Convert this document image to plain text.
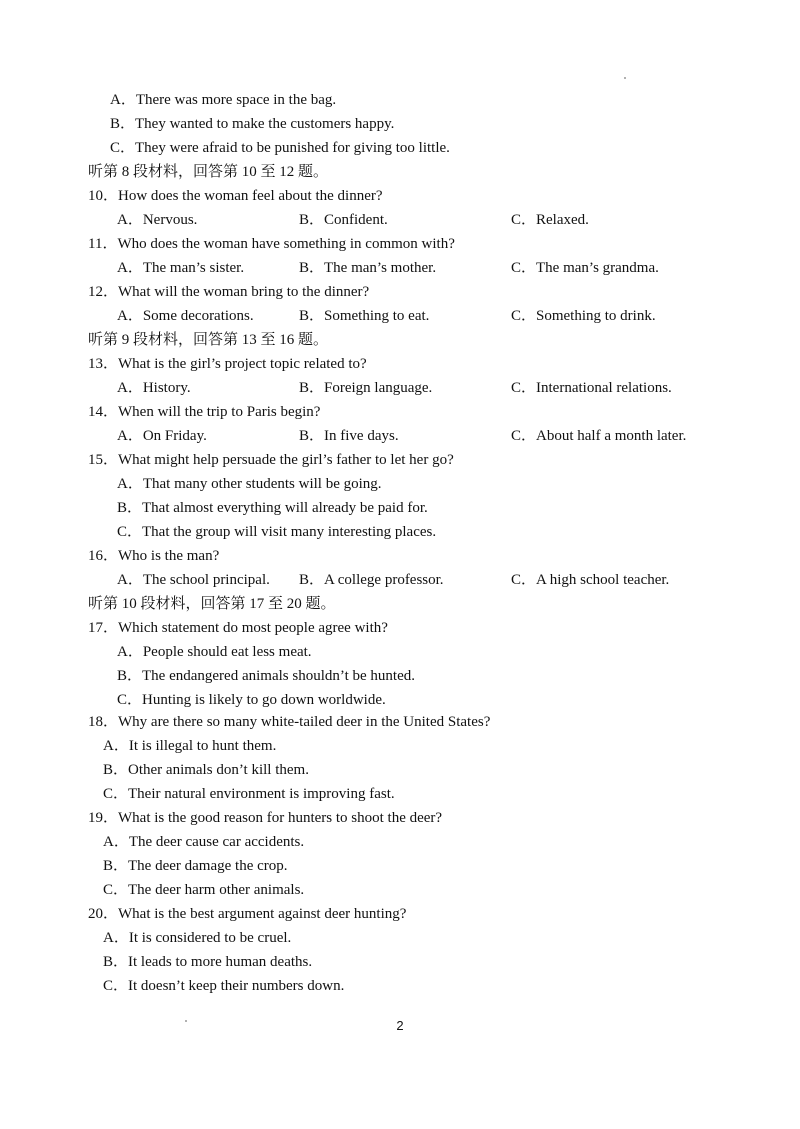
A．There was more space in the bag.
B．They wanted to make the customers happy.
C．They were afraid to be punished for giving too little.
听第 8 段材料，回答第 10 至 12 题。
10．How does the woman feel about the dinner?
A．Nervous.	B．Confident.	C．Relaxed.
11．Who does the woman have something in common with?
A．The man’s sister.	B．The man’s mother.	C．The man’s grandma.
12．What will the woman bring to the dinner?
A．Some decorations.	B．Something to eat.	C．Something to drink.
听第 9 段材料，回答第 13 至 16 题。
13．What is the girl’s project topic related to?
A．History.	B．Foreign language.	C．International relations.
14．When will the trip to Paris begin?
A．On Friday.	B．In five days.	C．About half a month later.
15．What might help persuade the girl’s father to let her go?
A．That many other students will be going.
B．That almost everything will already be paid for.
C．That the group will visit many interesting places.
16．Who is the man?
A．The school principal. B．A college professor.	C．A high school teacher.
听第 10 段材料，回答第 17 至 20 题。
17．Which statement do most people agree with?
A．People should eat less meat.
B．The endangered animals shouldn’t be hunted.
C．Hunting is likely to go down worldwide.
18．Why are there so many white-tailed deer in the United States?
A．It is illegal to hunt them.
B．Other animals don’t kill them.
C．Their natural environment is improving fast.
19．What is the good reason for hunters to shoot the deer?
A．The deer cause car accidents.
B．The deer damage the crop.
C．The deer harm other animals.
20．What is the best argument against deer hunting?
A．It is considered to be cruel.
B．It leads to more human deaths.
C．It doesn’t keep their numbers down.
2
